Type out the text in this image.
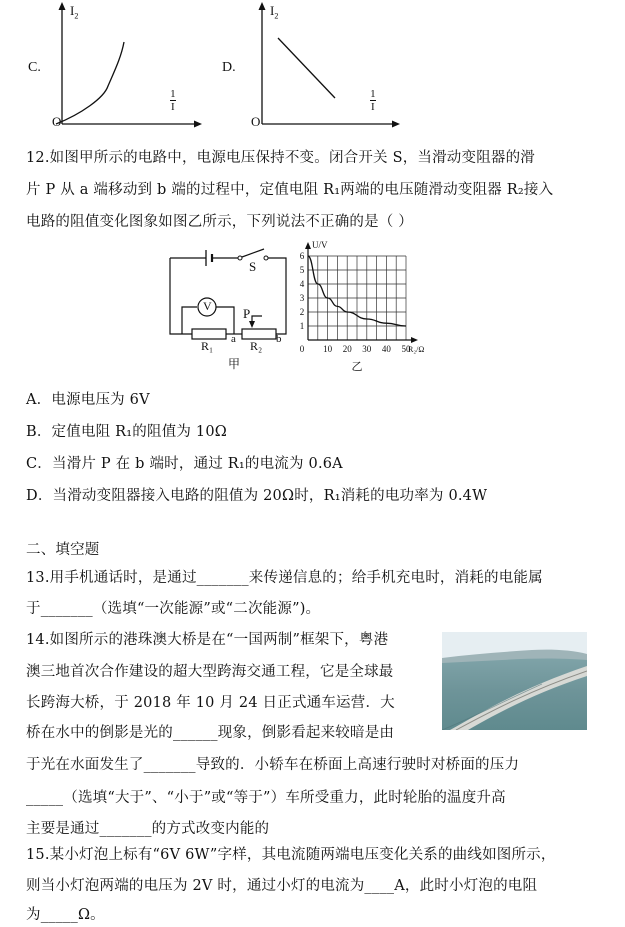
C.
$I_2$
O
1
I
D.
$I_2$
O
1
I
12.如图甲所示的电路中，电源电压保持不变。闭合开关 S，当滑动变阻器的滑
片 P 从 a 端移动到 b 端的过程中，定值电阻 R₁两端的电压随滑动变阻器 R₂接入
电路的阻值变化图象如图乙所示，下列说法不正确的是（ ）
S
V P
R₁ a R₂ b
甲
10 20 30 40 50
1
2
3
4
5
6
0
U/V
R₂/Ω
乙
A．电源电压为 6V
B．定值电阻 R₁的阻值为 10Ω
C．当滑片 P 在 b 端时，通过 R₁的电流为 0.6A
D．当滑动变阻器接入电路的阻值为 20Ω时，R₁消耗的电功率为 0.4W
二、填空题
13.用手机通话时，是通过_______来传递信息的；给手机充电时，消耗的电能属
于_______（选填“一次能源”或“二次能源”)。
14.如图所示的港珠澳大桥是在“一国两制”框架下，粤港
澳三地首次合作建设的超大型跨海交通工程，它是全球最
长跨海大桥，于 2018 年 10 月 24 日正式通车运营．大
桥在水中的倒影是光的______现象，倒影看起来较暗是由
于光在水面发生了_______导致的．小轿车在桥面上高速行驶时对桥面的压力
_____（选填“大于”、“小于”或“等于”）车所受重力，此时轮胎的温度升高
主要是通过_______的方式改变内能的
15.某小灯泡上标有“6V 6W”字样，其电流随两端电压变化关系的曲线如图所示，
则当小灯泡两端的电压为 2V 时，通过小灯的电流为____A，此时小灯泡的电阻
为_____Ω。
